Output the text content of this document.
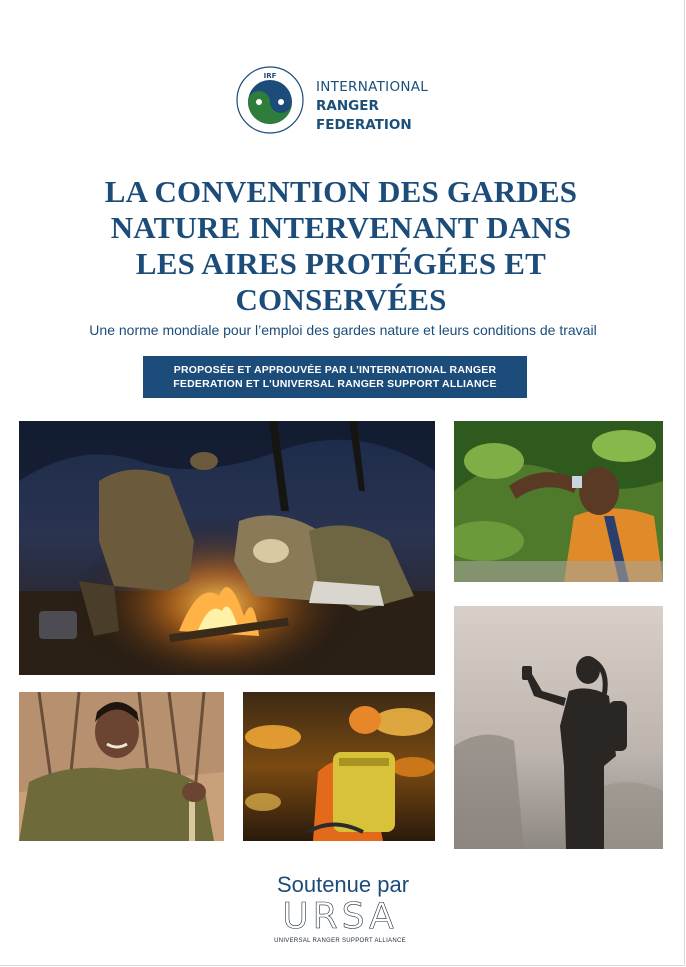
IRF
INTERNATIONAL
RANGER
FEDERATION
LA CONVENTION DES GARDES
NATURE INTERVENANT DANS
LES AIRES PROTÉGÉES ET
CONSERVÉES
Une norme mondiale pour l’emploi des gardes nature et leurs conditions de travail
PROPOSÉE ET APPROUVÉE PAR L’INTERNATIONAL RANGER
FEDERATION ET L’UNIVERSAL RANGER SUPPORT ALLIANCE
Soutenue par
URSA
UNIVERSAL RANGER SUPPORT ALLIANCE
